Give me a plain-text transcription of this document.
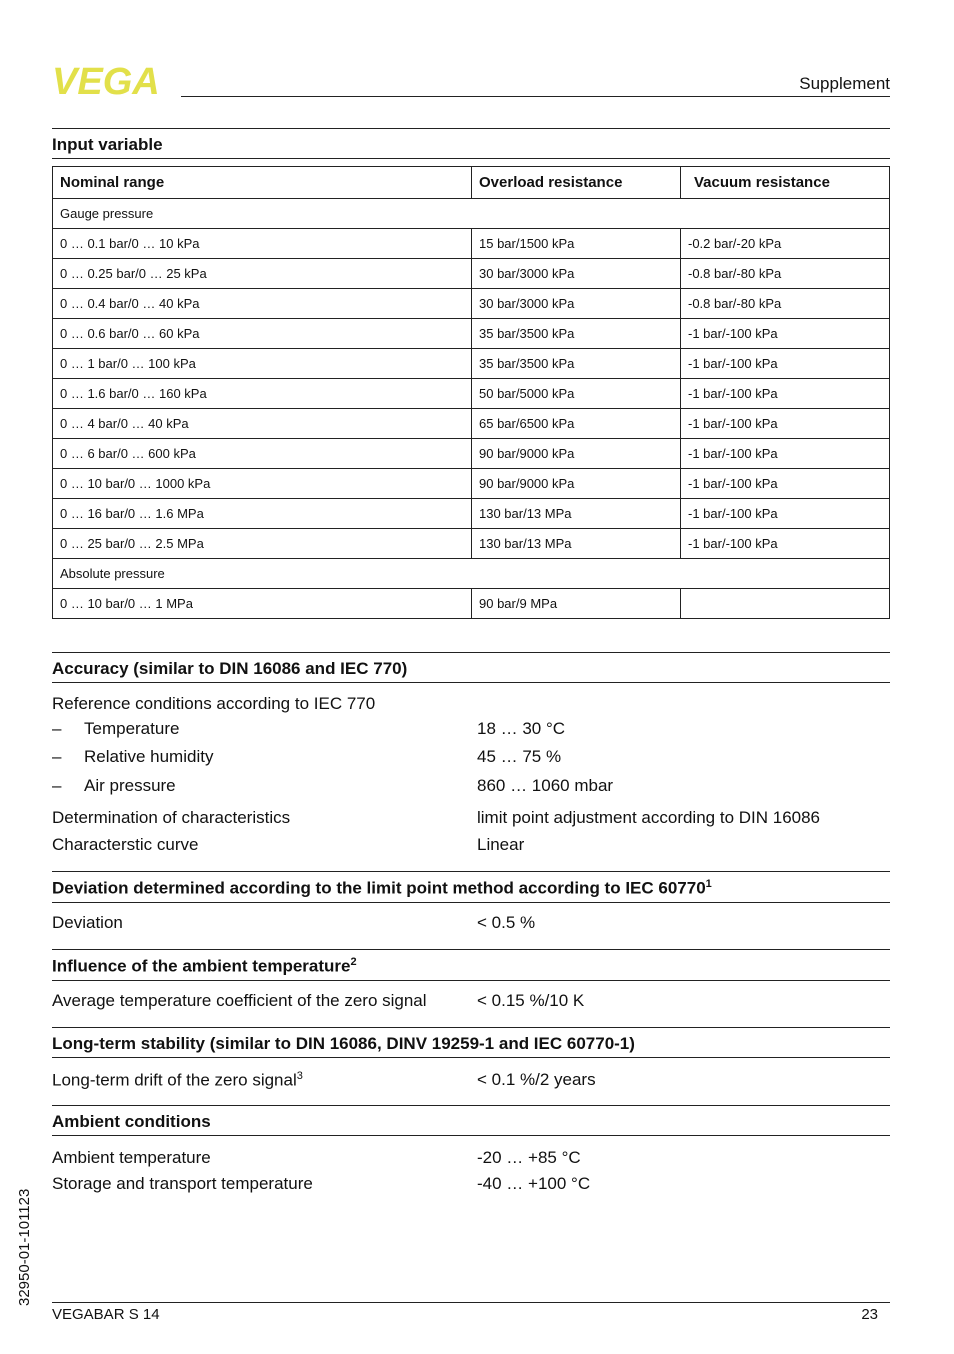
VEGA	Supplement
Input variable
Nominal range	Overload resistance	Vacuum resistance
Gauge pressure		
0 … 0.1 bar/0 … 10 kPa	15 bar/1500 kPa	-0.2 bar/-20 kPa
0 … 0.25 bar/0 … 25 kPa	30 bar/3000 kPa	-0.8 bar/-80 kPa
0 … 0.4 bar/0 … 40 kPa	30 bar/3000 kPa	-0.8 bar/-80 kPa
0 … 0.6 bar/0 … 60 kPa	35 bar/3500 kPa	-1 bar/-100 kPa
0 … 1 bar/0 … 100 kPa	35 bar/3500 kPa	-1 bar/-100 kPa
0 … 1.6 bar/0 … 160 kPa	50 bar/5000 kPa	-1 bar/-100 kPa
0 … 4 bar/0 … 40 kPa	65 bar/6500 kPa	-1 bar/-100 kPa
0 … 6 bar/0 … 600 kPa	90 bar/9000 kPa	-1 bar/-100 kPa
0 … 10 bar/0 … 1000 kPa	90 bar/9000 kPa	-1 bar/-100 kPa
0 … 16 bar/0 … 1.6 MPa	130 bar/13 MPa	-1 bar/-100 kPa
0 … 25 bar/0 … 2.5 MPa	130 bar/13 MPa	-1 bar/-100 kPa
Absolute pressure		
0 … 10 bar/0 … 1 MPa	90 bar/9 MPa	
Accuracy (similar to DIN 16086 and IEC 770)
Reference conditions according to IEC 770
– Temperature	18 … 30 °C
– Relative humidity	45 … 75 %
– Air pressure	860 … 1060 mbar
Determination of characteristics	limit point adjustment according to DIN 16086
Characterstic curve	Linear
Deviation determined according to the limit point method according to IEC 60770$^1$
Deviation	< 0.5 %
Influence of the ambient temperature$^2$
Average temperature coefficient of the zero signal	< 0.15 %/10 K
Long-term stability (similar to DIN 16086, DINV 19259-1 and IEC 60770-1)
Long-term drift of the zero signal$^3$	< 0.1 %/2 years
Ambient conditions
Ambient temperature	-20 … +85 °C
Storage and transport temperature	-40 … +100 °C
VEGABAR S 14	23
32950-01-101123
